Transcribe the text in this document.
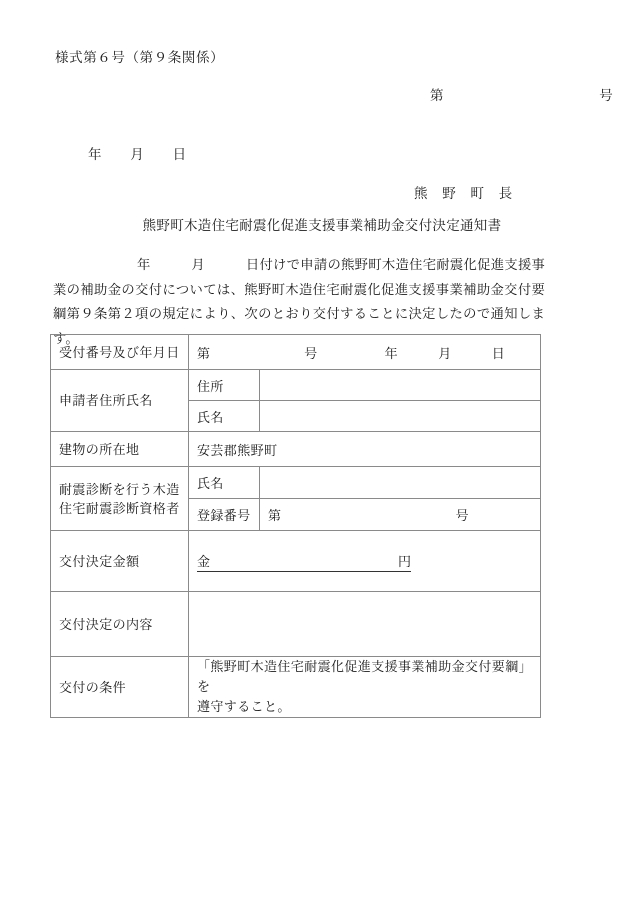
様式第６号（第９条関係）
第　　　　　　　　　　　号
年　　月　　日
熊　野　町　長
熊野町木造住宅耐震化促進支援事業補助金交付決定通知書
年　　　月　　　日付けで申請の熊野町木造住宅耐震化促進支援事業の補助金の交付については、熊野町木造住宅耐震化促進支援事業補助金交付要綱第９条第２項の規定により、次のとおり交付することに決定したので通知します。
受付番号及び年月日	第　　　　　　　号　　　　　年　　　月　　　日	
申請者住所氏名	住所	
	氏名	
建物の所在地	安芸郡熊野町	

耐震診断を行う木造
住宅耐震診断資格者	氏名	
	登録番号	第　　　　　　　　　　　　　号
交付決定金額	金　　　　　　　　　　　　　　 円	
交付決定の内容		
交付の条件	「熊野町木造住宅耐震化促進支援事業補助金交付要綱」を
遵守すること。	
